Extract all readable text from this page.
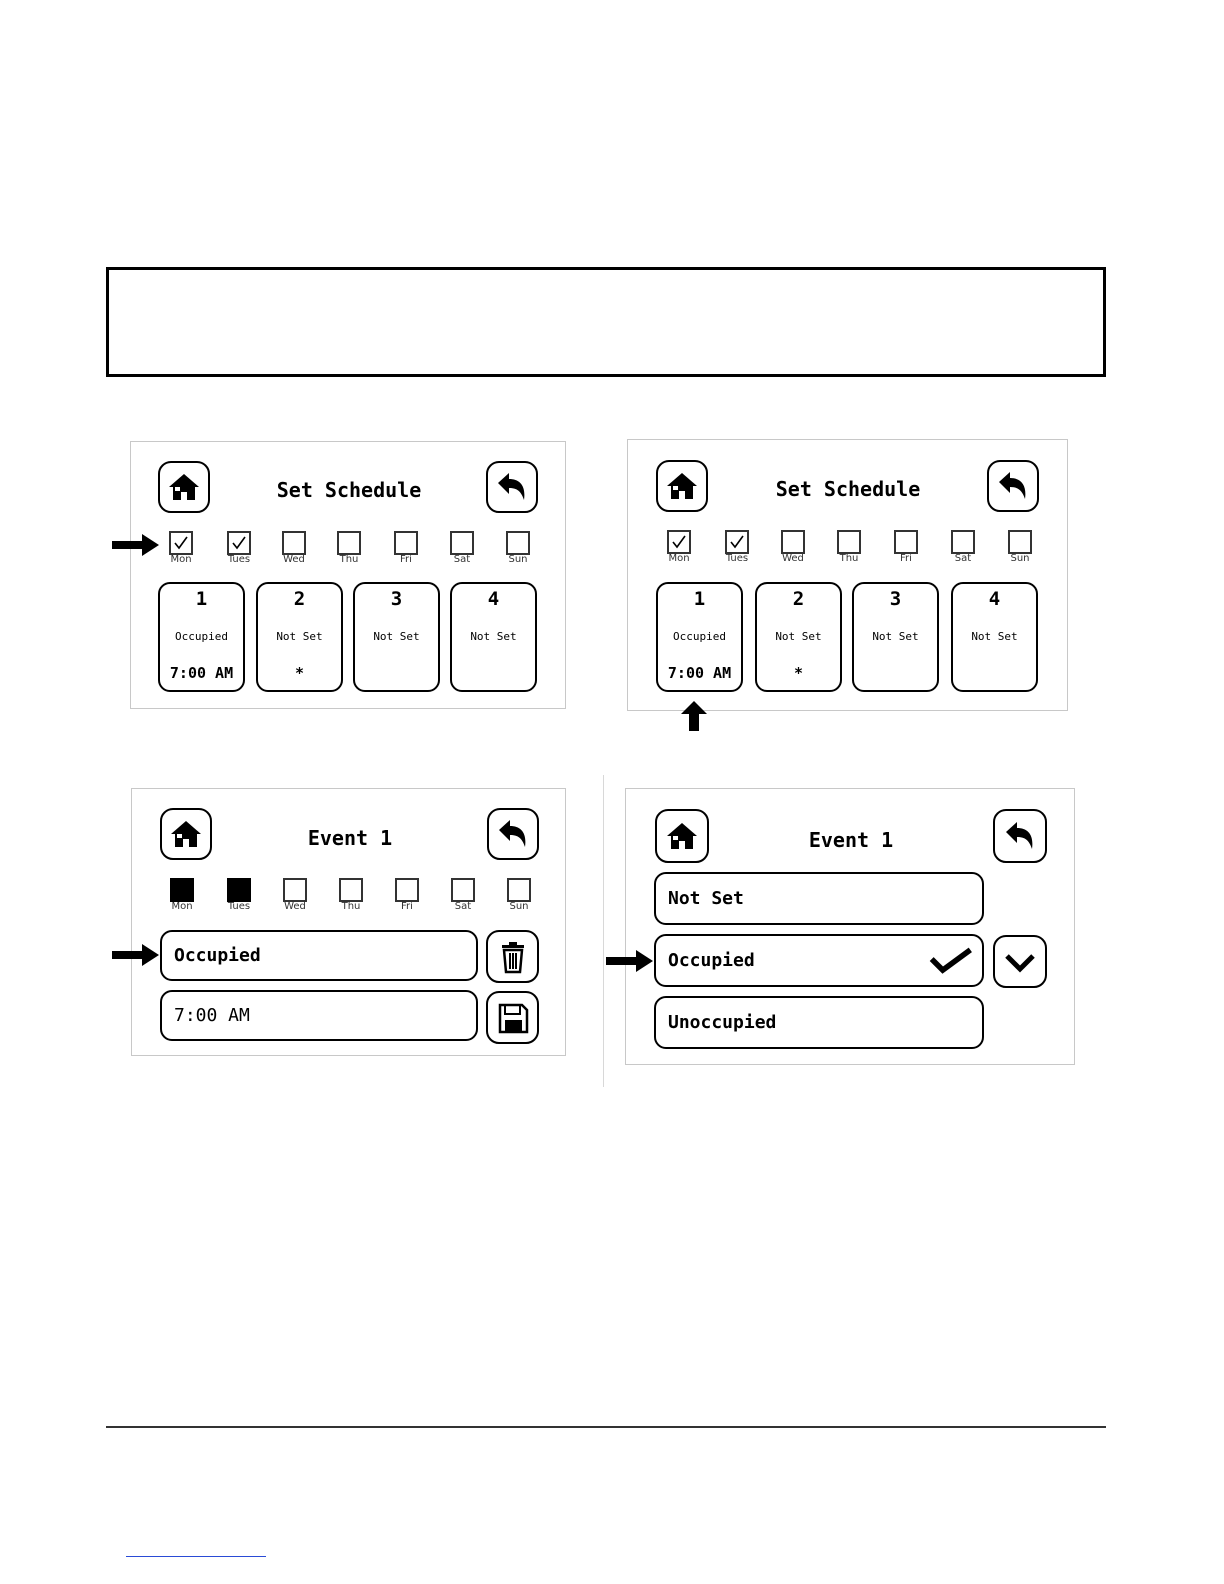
Set Schedule
Mon	Tues	Wed	Thu	Fri	Sat	Sun
1
Occupied
7:00 AM
2
Not Set
*
3
Not Set
4
Not Set
Set Schedule
Mon	Tues	Wed	Thu	Fri	Sat	Sun
1
Occupied
7:00 AM
2
Not Set
*
3
Not Set
4
Not Set
Event 1
Mon	Tues	Wed	Thu	Fri	Sat	Sun
Occupied
7:00 AM
Event 1
Not Set
Occupied
Unoccupied
